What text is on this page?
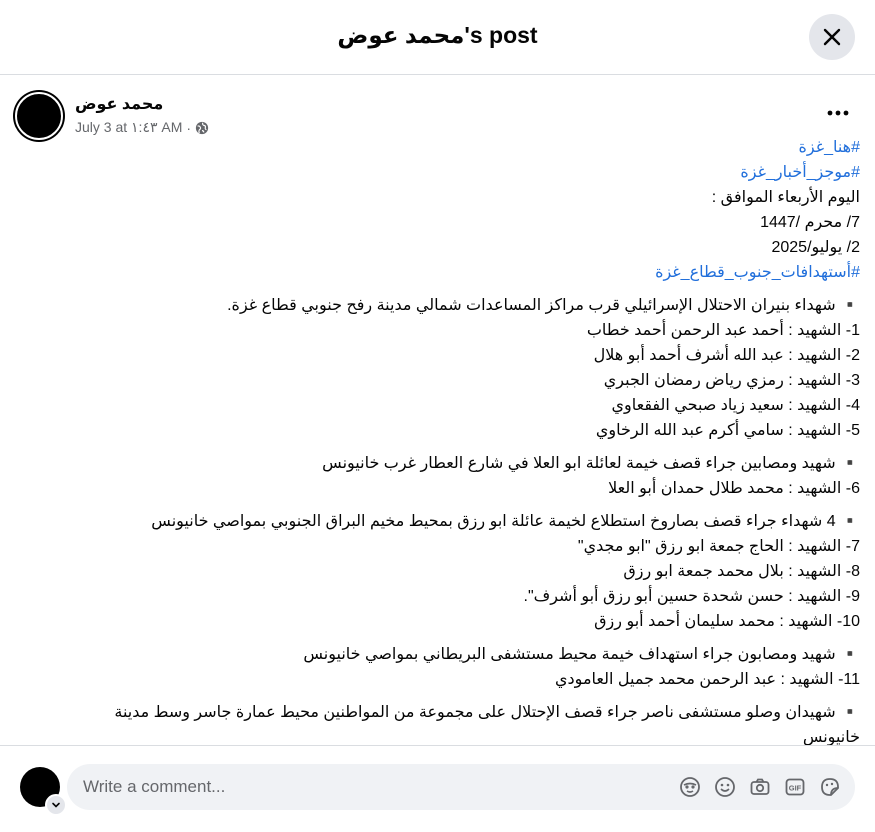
محمد عوض's post
محمد عوض
July 3 at ١:٤٣ AM ·
#هنا_غزة
#موجز_أخبار_غزة
اليوم الأربعاء الموافق :
7/ محرم /1447
2/ يوليو/2025
#أستهدافات_جنوب_قطاع_غزة
▪️ شهداء بنيران الاحتلال الإسرائيلي قرب مراكز المساعدات شمالي مدينة رفح جنوبي قطاع غزة.
1- الشهيد : أحمد عبد الرحمن أحمد خطاب
2- الشهيد : عبد الله أشرف أحمد أبو هلال
3- الشهيد : رمزي رياض رمضان الجبري
4- الشهيد : سعيد زياد صبحي الفقعاوي
5- الشهيد : سامي أكرم عبد الله الرخاوي
▪️ شهيد ومصابين جراء قصف خيمة لعائلة ابو العلا في شارع العطار غرب خانيونس
6- الشهيد : محمد طلال حمدان أبو العلا
▪️ 4 شهداء جراء قصف بصاروخ استطلاع لخيمة عائلة ابو رزق بمحيط مخيم البراق الجنوبي بمواصي خانيونس
7- الشهيد : الحاج جمعة ابو رزق "ابو مجدي"
8- الشهيد : بلال محمد جمعة ابو رزق
9- الشهيد : حسن شحدة حسين أبو رزق أبو أشرف".
10- الشهيد : محمد سليمان أحمد أبو رزق
▪️ شهيد ومصابون جراء استهداف خيمة محيط مستشفى البريطاني بمواصي خانيونس
11- الشهيد : عبد الرحمن محمد جميل العامودي
▪️ شهيدان وصلو مستشفى ناصر جراء قصف الإحتلال على مجموعة من المواطنين محيط عمارة جاسر وسط مدينة
خانيونس
Write a comment...
GIF
